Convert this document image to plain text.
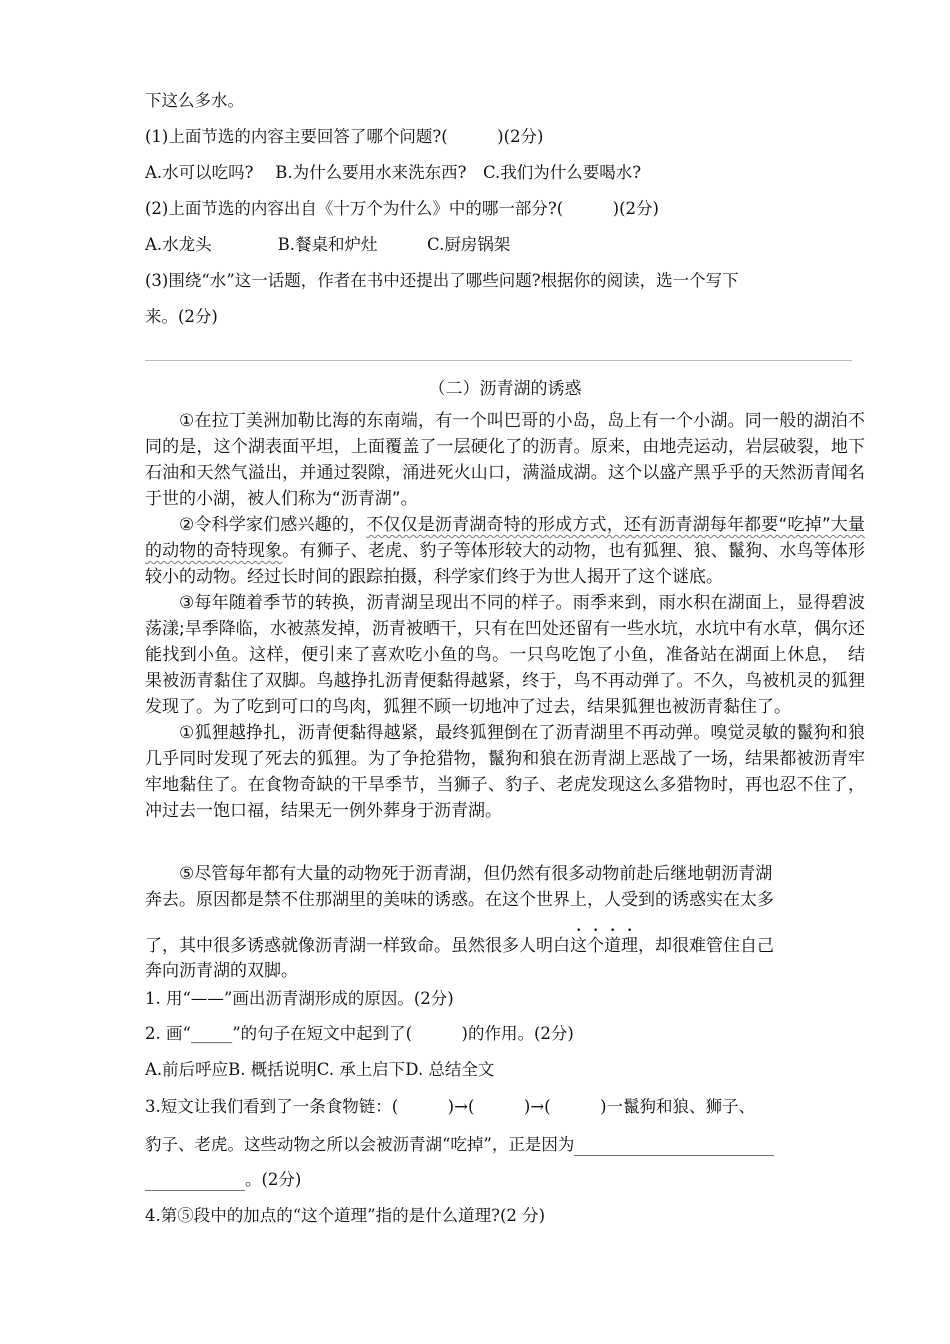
下这么多水。
(1)上面节选的内容主要回答了哪个问题?(　　　)(2分)
A.水可以吃吗?　 B.为什么要用水来洗东西?　C.我们为什么要喝水?
(2)上面节选的内容出自《十万个为什么》中的哪一部分?(　　　)(2分)
A.水龙头　　　　B.餐桌和炉灶　　　C.厨房锅架
(3)围绕“水”这一话题，作者在书中还提出了哪些问题?根据你的阅读，选一个写下
来。(2分)
（二）沥青湖的诱惑

①在拉丁美洲加勒比海的东南端，有一个叫巴哥的小岛，岛上有一个小湖。同一般的湖泊不同的是，这个湖表面平坦，上面覆盖了一层硬化了的沥青。原来，由地壳运动，岩层破裂，地下石油和天然气溢出，并通过裂隙，涌进死火山口，满溢成湖。这个以盛产黑乎乎的天然沥青闻名于世的小湖，被人们称为“沥青湖”。

②令科学家们感兴趣的，不仅仅是沥青湖奇特的形成方式，还有沥青湖每年都要“吃掉”大量的动物的奇特现象。有狮子、老虎、豹子等体形较大的动物，也有狐狸、狼、鬣狗、水鸟等体形较小的动物。经过长时间的跟踪拍摄，科学家们终于为世人揭开了这个谜底。

③每年随着季节的转换，沥青湖呈现出不同的样子。雨季来到，雨水积在湖面上，显得碧波荡漾;旱季降临，水被蒸发掉，沥青被晒干，只有在凹处还留有一些水坑，水坑中有水草，偶尔还能找到小鱼。这样，便引来了喜欢吃小鱼的鸟。一只鸟吃饱了小鱼，准备站在湖面上休息，　结果被沥青黏住了双脚。鸟越挣扎沥青便黏得越紧，终于，鸟不再动弹了。不久，鸟被机灵的狐狸发现了。为了吃到可口的鸟肉，狐狸不顾一切地冲了过去，结果狐狸也被沥青黏住了。

①狐狸越挣扎，沥青便黏得越紧，最终狐狸倒在了沥青湖里不再动弹。嗅觉灵敏的鬣狗和狼几乎同时发现了死去的狐狸。为了争抢猎物，鬣狗和狼在沥青湖上恶战了一场，结果都被沥青牢牢地黏住了。在食物奇缺的干旱季节，当狮子、豹子、老虎发现这么多猎物时，再也忍不住了，冲过去一饱口福，结果无一例外葬身于沥青湖。

⑤尽管每年都有大量的动物死于沥青湖，但仍然有很多动物前赴后继地朝沥青湖
奔去。原因都是禁不住那湖里的美味的诱惑。在这个世界上，人受到的诱惑实在太多
了，其中很多诱惑就像沥青湖一样致命。虽然很多人明白这个道理，却很难管住自己
奔向沥青湖的双脚。
1. 用“——”画出沥青湖形成的原因。(2分)
2. 画“_____”的句子在短文中起到了(　　　)的作用。(2分)
A.前后呼应B. 概括说明C. 承上启下D. 总结全文
3.短文让我们看到了一条食物链：(　　　)→(　　　)→(　　　)一鬣狗和狼、狮子、
豹子、老虎。这些动物之所以会被沥青湖“吃掉”，正是因为
。(2分)
4.第⑤段中的加点的“这个道理”指的是什么道理?(2 分)
